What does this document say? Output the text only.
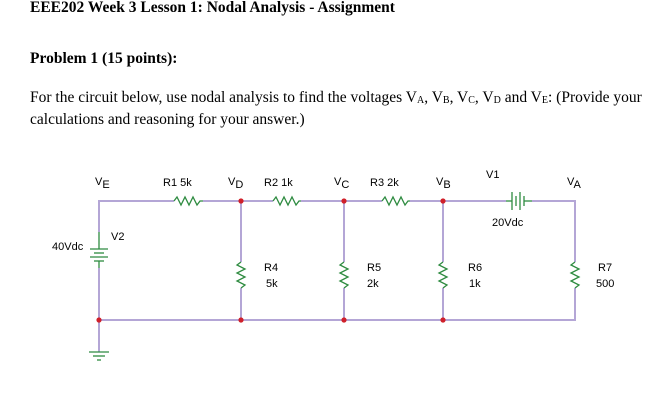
EEE202 Week 3 Lesson 1: Nodal Analysis - Assignment
Problem 1 (15 points):
For the circuit below, use nodal analysis to find the voltages $V_A$, $V_B$, $V_C$, $V_D$ and $V_E$: (Provide your calculations and reasoning for your answer.)
VE	VD	VC	VB	VA
R1 5k	R2 1k	R3 2k
V1
20Vdc
V2
40Vdc
R4
5k
R5
2k
R6
1k
R7
500
